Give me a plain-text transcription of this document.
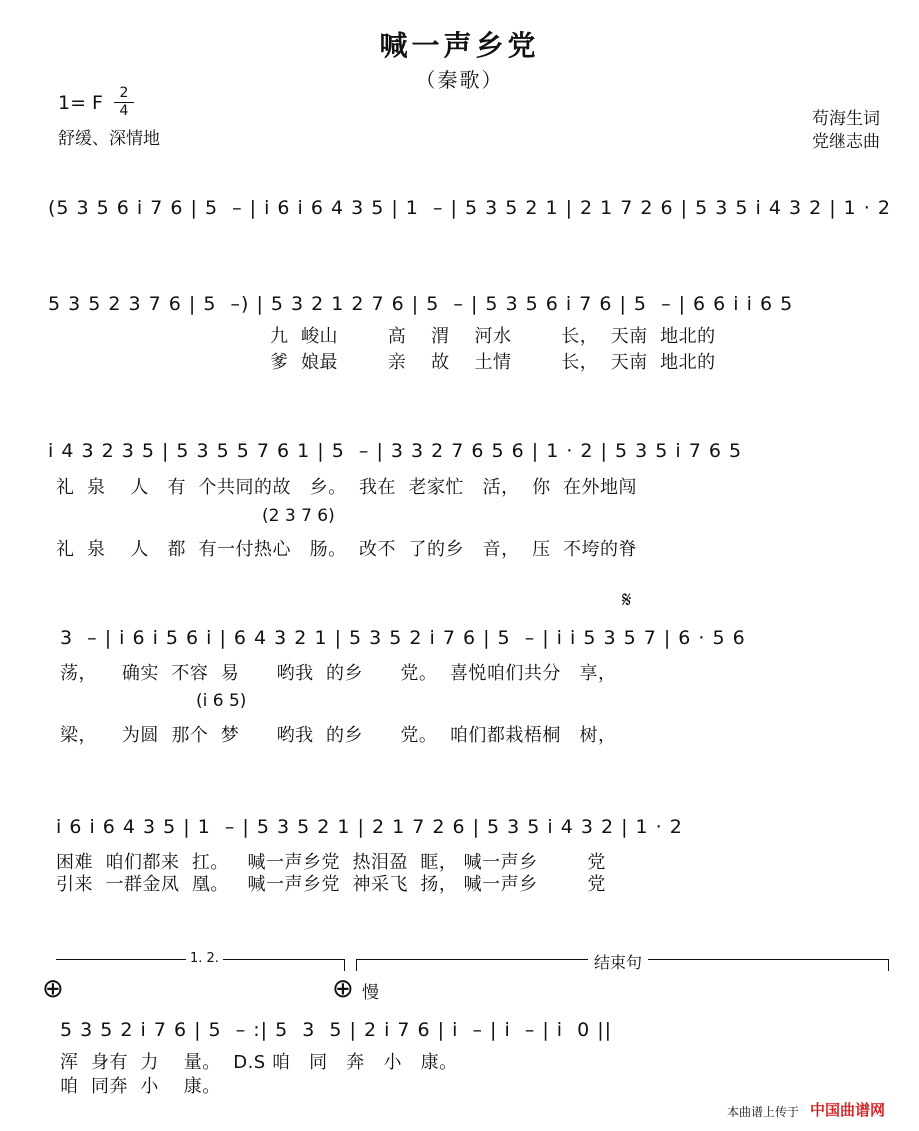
喊一声乡党
（秦歌）
1= F	2
4
舒缓、深情地
苟海生词
党继志曲
(5 3 5 6 i 7 6 | 5  – | i 6 i 6 4 3 5 | 1  – | 5 3 5 2 1 | 2 1 7 2 6 | 5 3 5 i 4 3 2 | 1 · 2
5 3 5 2 3 7 6 | 5  –) | 5 3 2 1 2 7 6 | 5  – | 5 3 5 6 i 7 6 | 5  – | 6 6 i i 6 5
九  峻山        高    渭    河水        长，  天南  地北的
爹  娘最        亲    故    土情        长，  天南  地北的
i 4 3 2 3 5 | 5 3 5 5 7 6 1 | 5  – | 3 3 2 7 6 5 6 | 1 · 2 | 5 3 5 i 7 6 5
礼  泉    人   有  个共同的故   乡。  我在  老家忙   活，  你  在外地闯
(2 3 7 6)
礼  泉    人   都  有一付热心   肠。  改不  了的乡   音，  压  不垮的脊
𝄋
3  – | i 6 i 5 6 i | 6 4 3 2 1 | 5 3 5 2 i 7 6 | 5  – | i i 5 3 5 7 | 6 · 5 6
荡，    确实  不容  易      哟我  的乡      党。  喜悦咱们共分   享，
(i 6 5)
梁，    为圆  那个  梦      哟我  的乡      党。  咱们都栽梧桐   树，
i 6 i 6 4 3 5 | 1  – | 5 3 5 2 1 | 2 1 7 2 6 | 5 3 5 i 4 3 2 | 1 · 2
困难  咱们都来  扛。   喊一声乡党  热泪盈  眶， 喊一声乡        党
引来  一群金凤  凰。   喊一声乡党  神采飞  扬， 喊一声乡        党
1. 2.	结束句
⊕	⊕ 慢
5 3 5 2 i 7 6 | 5  – :| 5  3  5 | 2 i 7 6 | i  – | i  – | i  0 ||
浑  身有  力    量。  D.S 咱   同   奔   小   康。
咱  同奔  小    康。
本曲谱上传于 中国曲谱网
